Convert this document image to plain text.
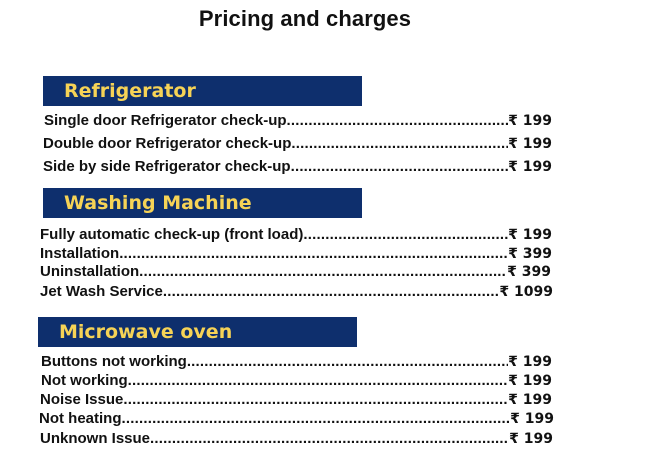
Pricing and charges
Refrigerator
Single door Refrigerator check-up .....	₹ 199
Double door Refrigerator check-up .....	₹ 199
Side by side Refrigerator check-up .....	₹ 199
Washing Machine
Fully automatic check-up (front load) .....	₹ 199
Installation .....	₹ 399
Uninstallation .....	₹ 399
Jet Wash Service .....	₹ 1099
Microwave oven
Buttons not working .....	₹ 199
Not working .....	₹ 199
Noise Issue .....	₹ 199
Not heating .....	₹ 199
Unknown Issue .....	₹ 199
